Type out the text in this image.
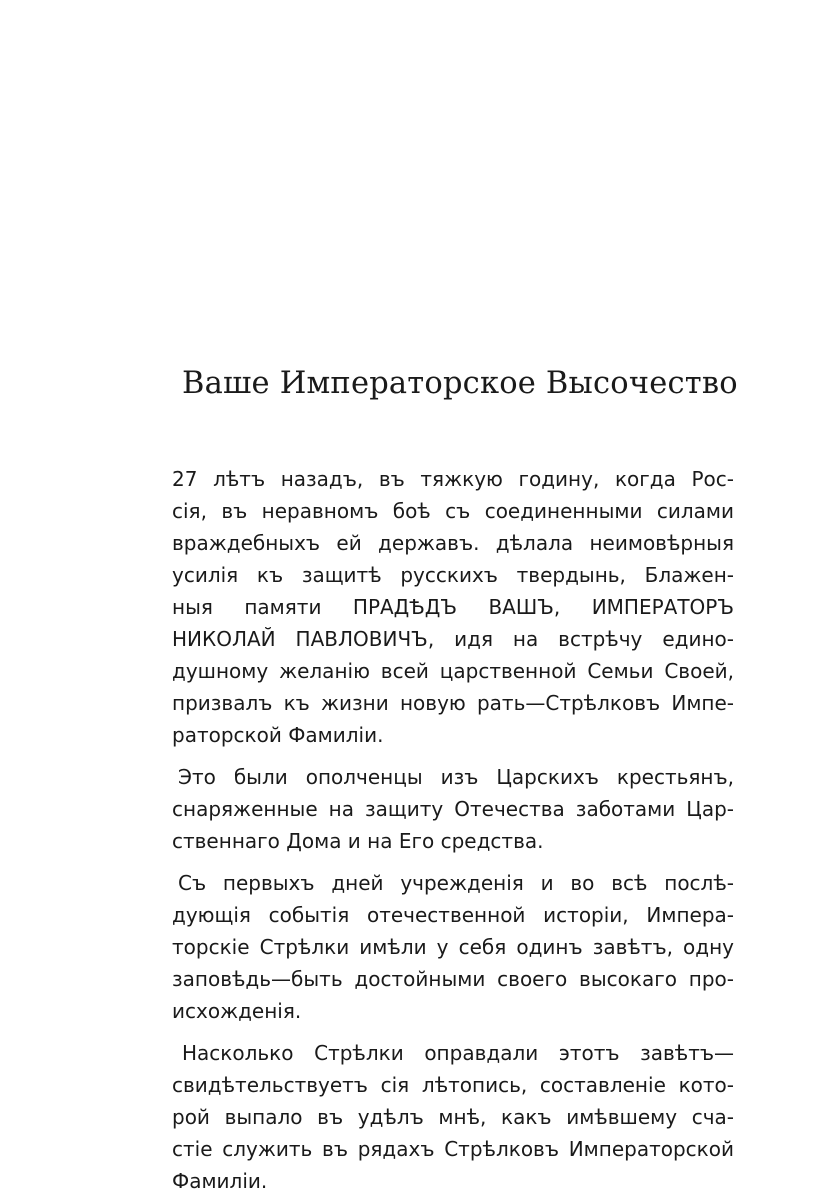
Ваше Императорское Высочество
27 лѣтъ назадъ, въ тяжкую годину, когда Рос-
сія, въ неравномъ боѣ съ соединенными силами
враждебныхъ ей державъ. дѣлала неимовѣрныя
усилія къ защитѣ русскихъ твердынь, Блажен-
ныя памяти ПРАДѢДЪ ВАШЪ, ИМПЕРАТОРЪ
НИКОЛАЙ ПАВЛОВИЧЪ, идя на встрѣчу едино-
душному желанію всей царственной Семьи Своей,
призвалъ къ жизни новую рать—Стрѣлковъ Импе-
раторской Фамиліи.
Это были ополченцы изъ Царскихъ крестьянъ,
снаряженные на защиту Отечества заботами Цар-
ственнаго Дома и на Его средства.
Съ первыхъ дней учрежденія и во всѣ послѣ-
дующія событія отечественной исторіи, Импера-
торскіе Стрѣлки имѣли у себя одинъ завѣтъ, одну
заповѣдь—быть достойными своего высокаго про-
исхожденія.
Насколько Стрѣлки оправдали этотъ завѣтъ—
свидѣтельствуетъ сія лѣтопись, составленіе кото-
рой выпало въ удѣлъ мнѣ, какъ имѣвшему сча-
стіе служить въ рядахъ Стрѣлковъ Императорской
Фамиліи.
